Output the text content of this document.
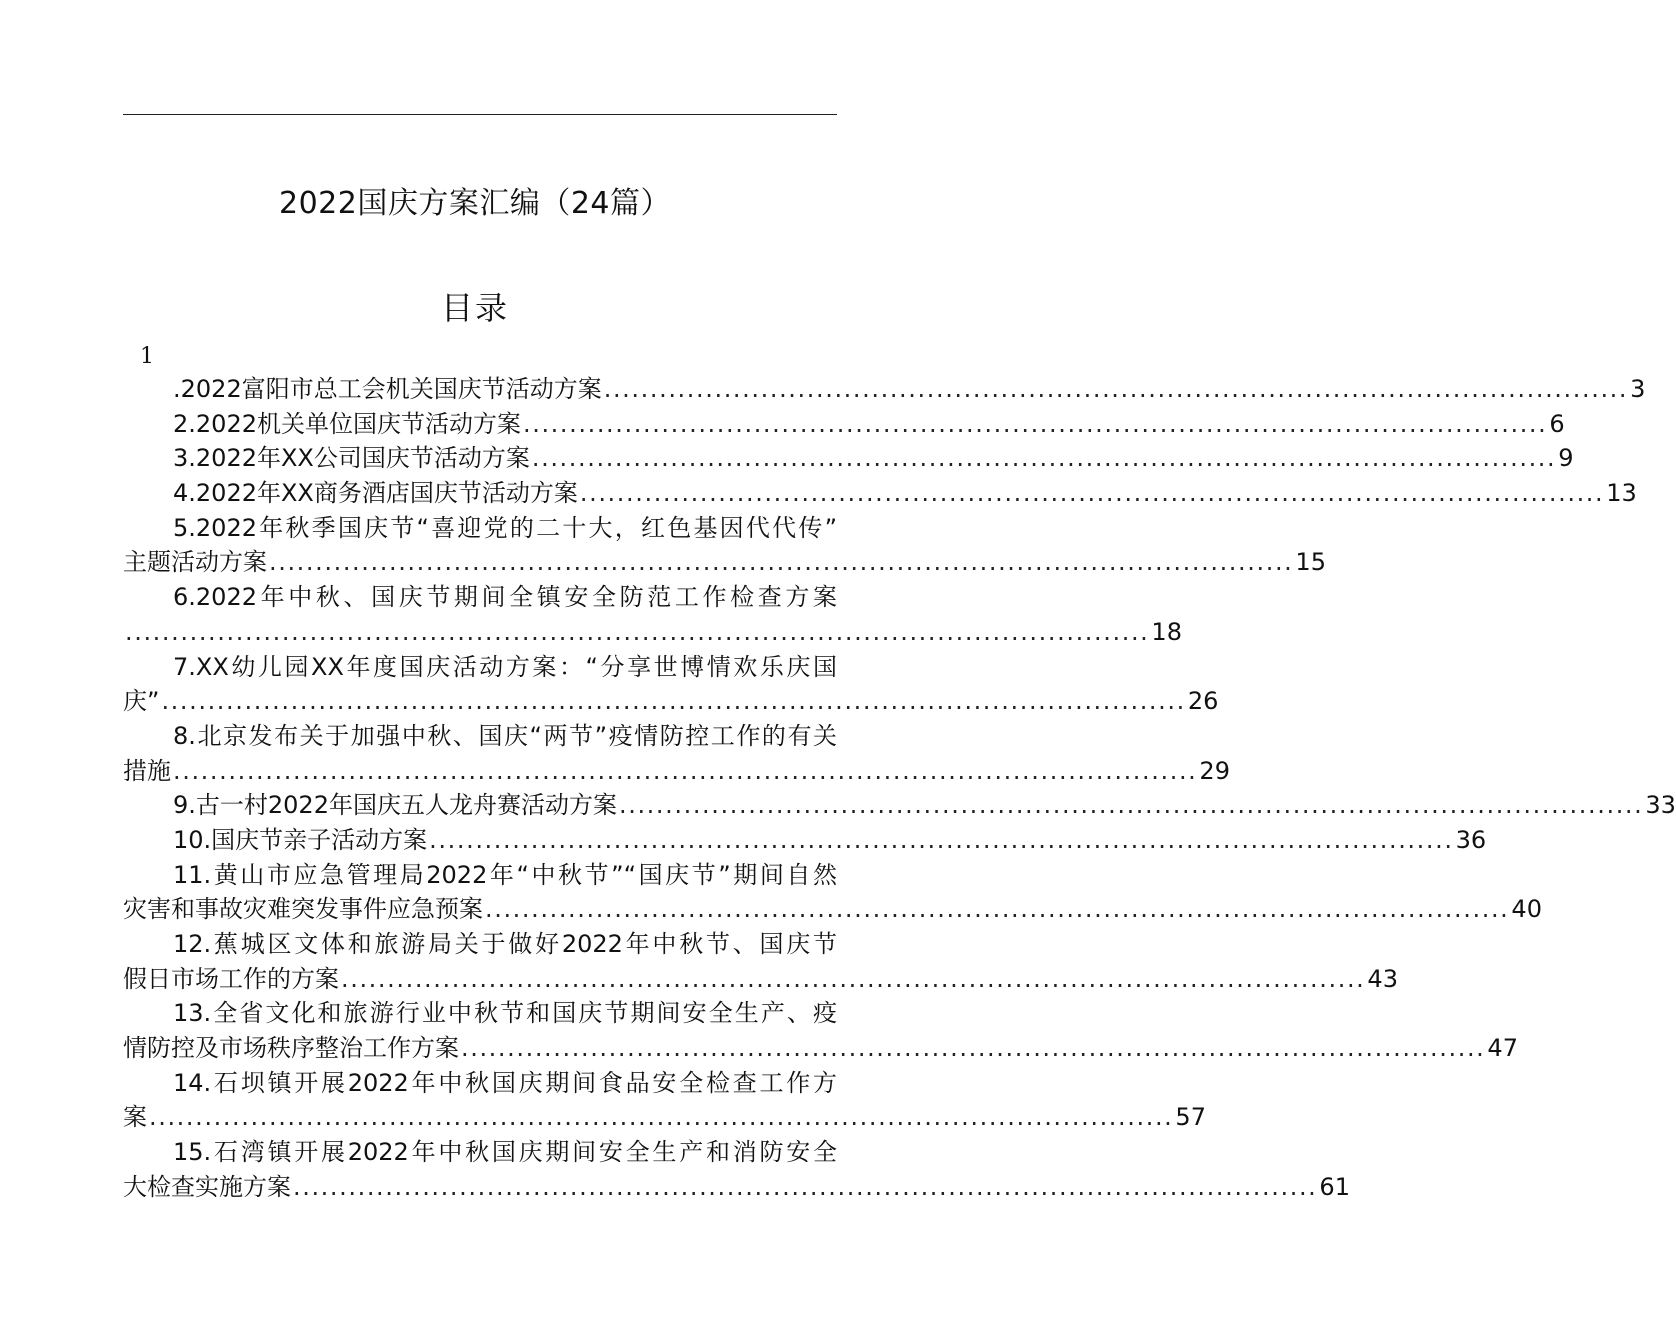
2022国庆方案汇编（24篇）
目录
1
.2022富阳市总工会机关国庆节活动方案 ............................................................................................................... 3
2.2022机关单位国庆节活动方案 ............................................................................................................... 6
3.2022年XX公司国庆节活动方案 ............................................................................................................... 9
4.2022年XX商务酒店国庆节活动方案 ............................................................................................................... 13
5.2022年秋季国庆节“喜迎党的二十大，红色基因代代传”
主题活动方案 ............................................................................................................... 15
6.2022年中秋、国庆节期间全镇安全防范工作检查方案
............................................................................................................... 18
7.XX幼儿园XX年度国庆活动方案：“分享世博情欢乐庆国
庆” ............................................................................................................... 26
8.北京发布关于加强中秋、国庆“两节”疫情防控工作的有关
措施 ............................................................................................................... 29
9.古一村2022年国庆五人龙舟赛活动方案 ............................................................................................................... 33
10.国庆节亲子活动方案 ............................................................................................................... 36
11.黄山市应急管理局2022年“中秋节”“国庆节”期间自然
灾害和事故灾难突发事件应急预案 ............................................................................................................... 40
12.蕉城区文体和旅游局关于做好2022年中秋节、国庆节
假日市场工作的方案 ............................................................................................................... 43
13.全省文化和旅游行业中秋节和国庆节期间安全生产、疫
情防控及市场秩序整治工作方案 ............................................................................................................... 47
14.石坝镇开展2022年中秋国庆期间食品安全检查工作方
案 ............................................................................................................... 57
15.石湾镇开展2022年中秋国庆期间安全生产和消防安全
大检查实施方案 ............................................................................................................... 61
